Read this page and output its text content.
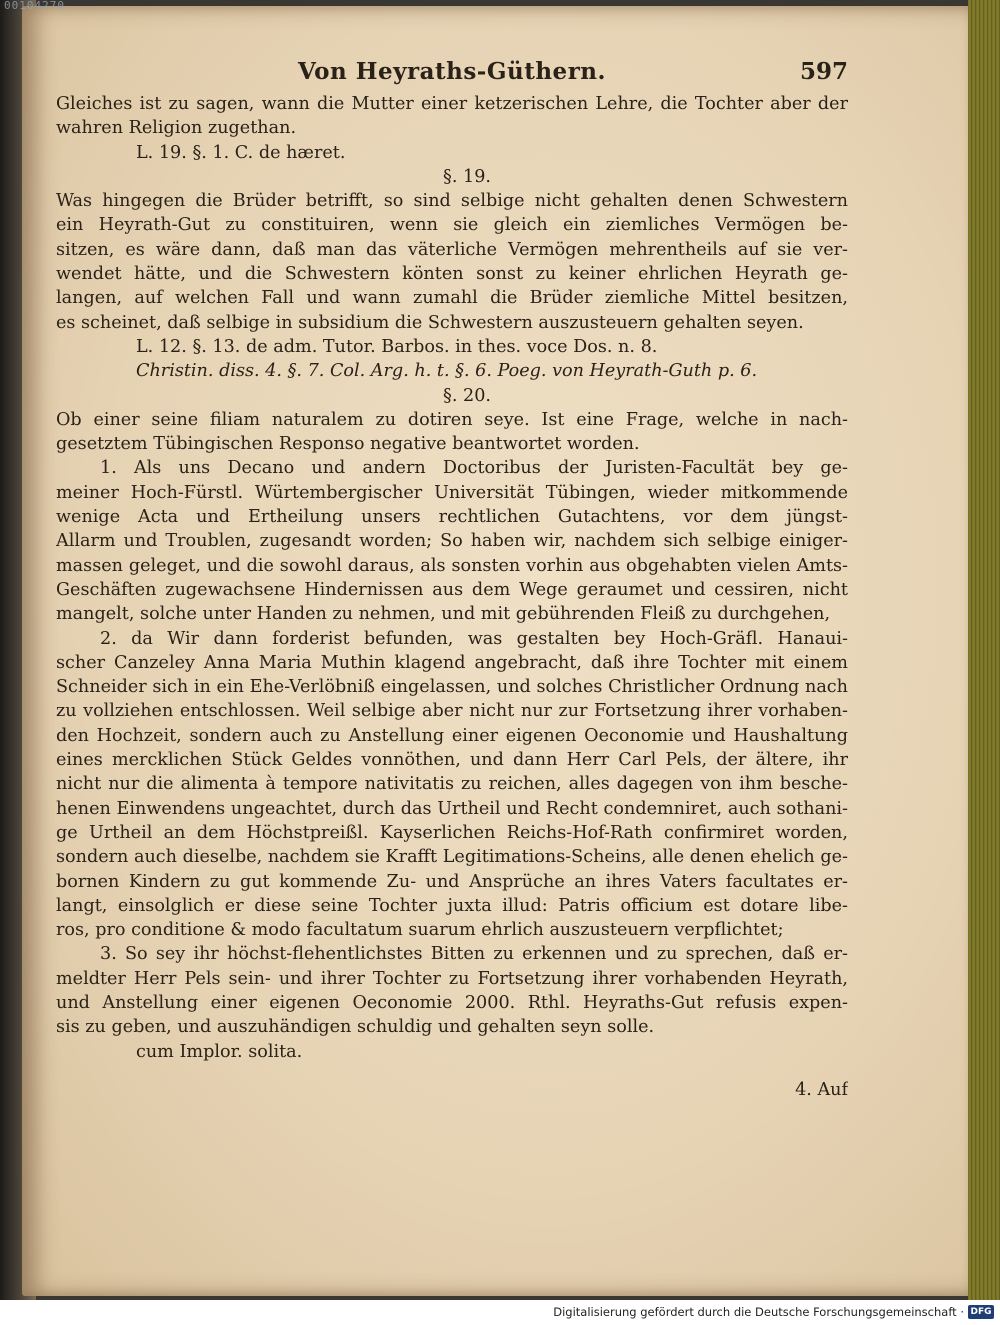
00104270
Von Heyraths-Güthern.	597
Gleiches ist zu sagen, wann die Mutter einer ketzerischen Lehre, die Tochter aber der
wahren Religion zugethan.
L. 19. §. 1. C. de hæret.
§. 19.
Was hingegen die Brüder betrifft, so sind selbige nicht gehalten denen Schwestern
ein Heyrath-Gut zu constituiren, wenn sie gleich ein ziemliches Vermögen be-
sitzen, es wäre dann, daß man das väterliche Vermögen mehrentheils auf sie ver-
wendet hätte, und die Schwestern könten sonst zu keiner ehrlichen Heyrath ge-
langen, auf welchen Fall und wann zumahl die Brüder ziemliche Mittel besitzen,
es scheinet, daß selbige in subsidium die Schwestern auszusteuern gehalten seyen.
L. 12. §. 13. de adm. Tutor. Barbos. in thes. voce Dos. n. 8.
Christin. diss. 4. §. 7. Col. Arg. h. t. §. 6. Poeg. von Heyrath-Guth p. 6.
§. 20.
Ob einer seine filiam naturalem zu dotiren seye. Ist eine Frage, welche in nach-
gesetztem Tübingischen Responso negative beantwortet worden.
1. Als uns Decano und andern Doctoribus der Juristen-Facultät bey ge-
meiner Hoch-Fürstl. Würtembergischer Universität Tübingen, wieder mitkommende
wenige Acta und Ertheilung unsers rechtlichen Gutachtens, vor dem jüngst-
Allarm und Troublen, zugesandt worden; So haben wir, nachdem sich selbige einiger-
massen geleget, und die sowohl daraus, als sonsten vorhin aus obgehabten vielen Amts-
Geschäften zugewachsene Hindernissen aus dem Wege geraumet und cessiren, nicht
mangelt, solche unter Handen zu nehmen, und mit gebührenden Fleiß zu durchgehen,
2. da Wir dann forderist befunden, was gestalten bey Hoch-Gräfl. Hanaui-
scher Canzeley Anna Maria Muthin klagend angebracht, daß ihre Tochter mit einem
Schneider sich in ein Ehe-Verlöbniß eingelassen, und solches Christlicher Ordnung nach
zu vollziehen entschlossen. Weil selbige aber nicht nur zur Fortsetzung ihrer vorhaben-
den Hochzeit, sondern auch zu Anstellung einer eigenen Oeconomie und Haushaltung
eines mercklichen Stück Geldes vonnöthen, und dann Herr Carl Pels, der ältere, ihr
nicht nur die alimenta à tempore nativitatis zu reichen, alles dagegen von ihm besche-
henen Einwendens ungeachtet, durch das Urtheil und Recht condemniret, auch sothani-
ge Urtheil an dem Höchstpreißl. Kayserlichen Reichs-Hof-Rath confirmiret worden,
sondern auch dieselbe, nachdem sie Krafft Legitimations-Scheins, alle denen ehelich ge-
bornen Kindern zu gut kommende Zu- und Ansprüche an ihres Vaters facultates er-
langt, einsolglich er diese seine Tochter juxta illud: Patris officium est dotare libe-
ros, pro conditione & modo facultatum suarum ehrlich auszusteuern verpflichtet;
3. So sey ihr höchst-flehentlichstes Bitten zu erkennen und zu sprechen, daß er-
meldter Herr Pels sein- und ihrer Tochter zu Fortsetzung ihrer vorhabenden Heyrath,
und Anstellung einer eigenen Oeconomie 2000. Rthl. Heyraths-Gut refusis expen-
sis zu geben, und auszuhändigen schuldig und gehalten seyn solle.
cum Implor. solita.
4. Auf
Digitalisierung gefördert durch die Deutsche Forschungsgemeinschaft · DFG
